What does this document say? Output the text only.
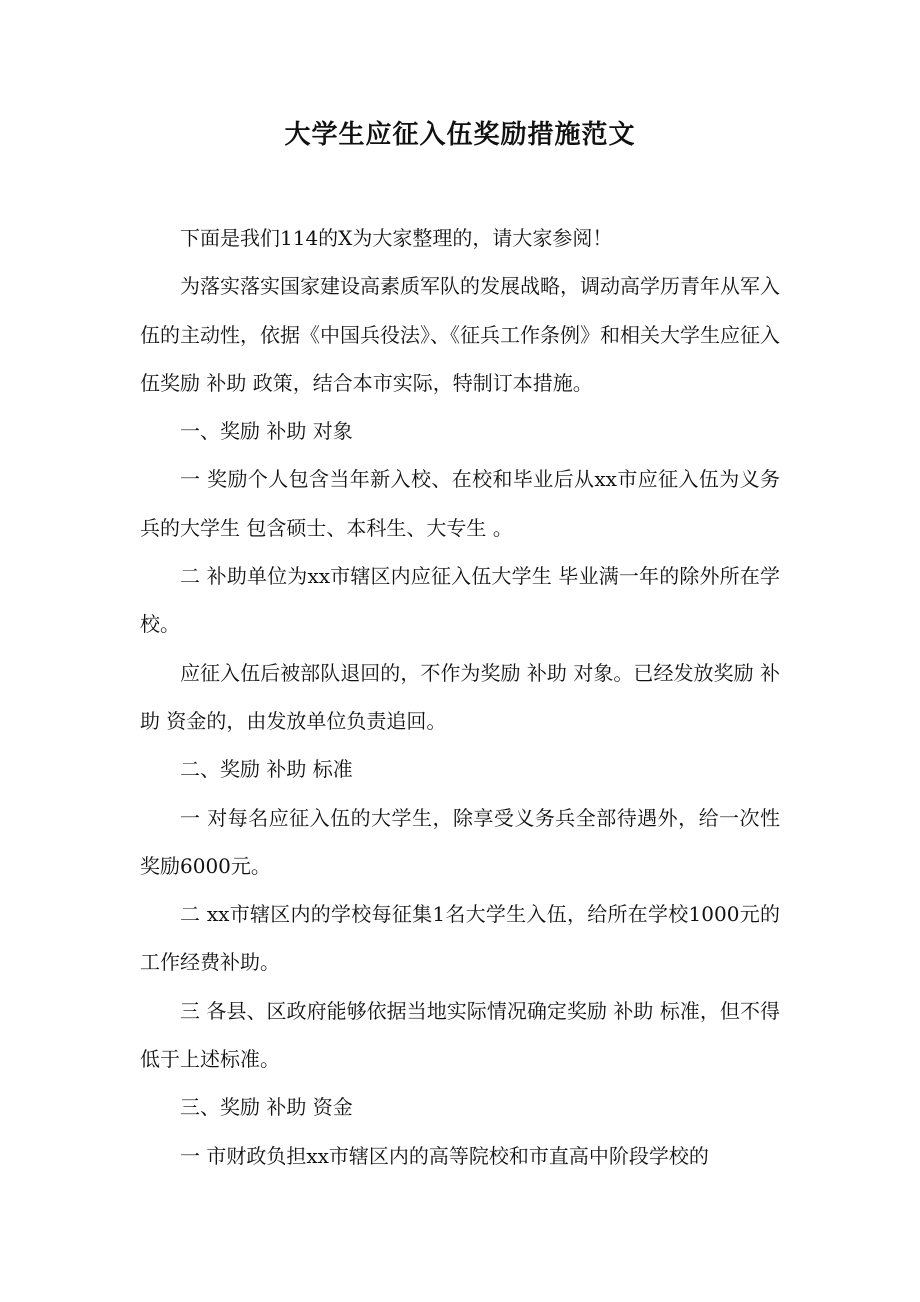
大学生应征入伍奖励措施范文

下面是我们114的X为大家整理的，请大家参阅！

为落实落实国家建设高素质军队的发展战略，调动高学历青年从军入伍的主动性，依据《中国兵役法》、《征兵工作条例》和相关大学生应征入伍奖励 补助 政策，结合本市实际，特制订本措施。

一、奖励 补助 对象

一 奖励个人包含当年新入校、在校和毕业后从xx市应征入伍为义务兵的大学生 包含硕士、本科生、大专生 。

二 补助单位为xx市辖区内应征入伍大学生 毕业满一年的除外所在学校。

应征入伍后被部队退回的，不作为奖励 补助 对象。已经发放奖励 补助 资金的，由发放单位负责追回。

二、奖励 补助 标准

一 对每名应征入伍的大学生，除享受义务兵全部待遇外，给一次性奖励6000元。

二 xx市辖区内的学校每征集1名大学生入伍，给所在学校1000元的工作经费补助。

三 各县、区政府能够依据当地实际情况确定奖励 补助 标准，但不得低于上述标准。

三、奖励 补助 资金

一 市财政负担xx市辖区内的高等院校和市直高中阶段学校的
